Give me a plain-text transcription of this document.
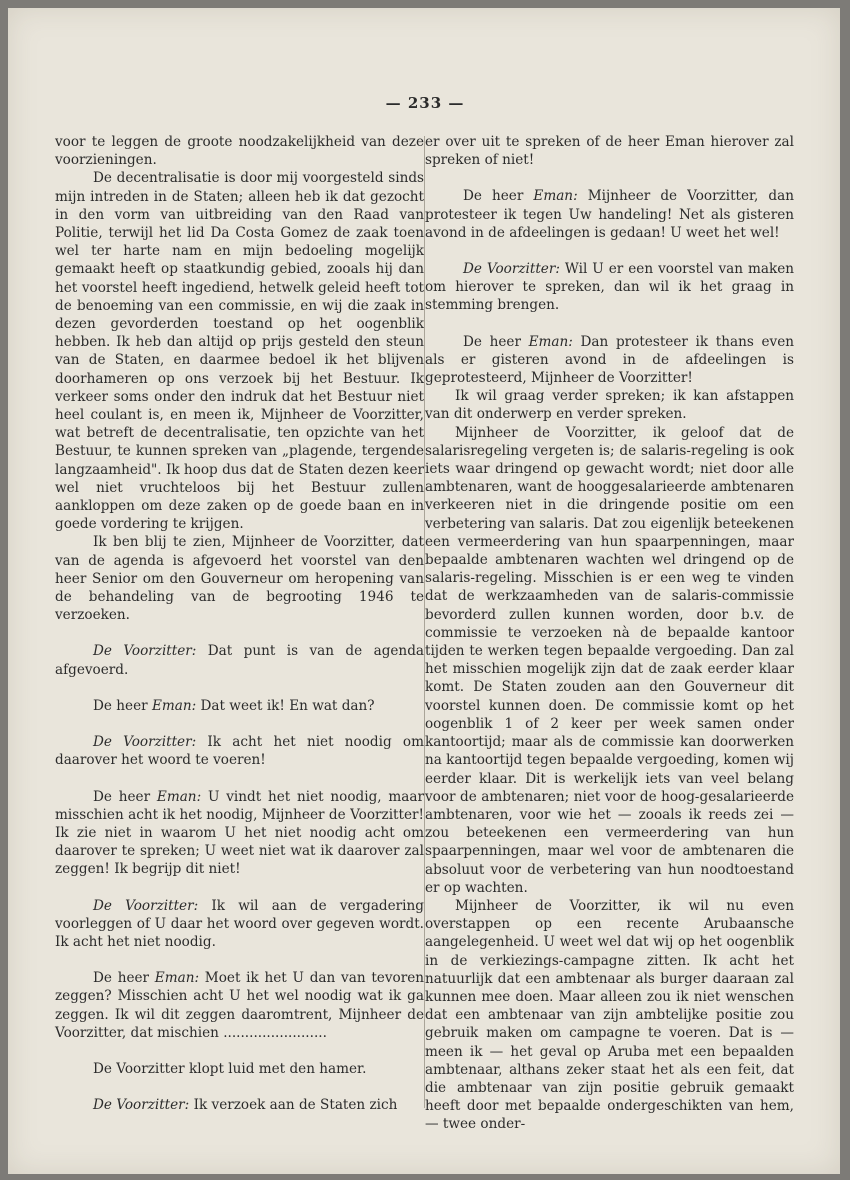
— 233 —

voor te leggen de groote noodzakelijkheid van deze voorzieningen.

De decentralisatie is door mij voorgesteld sinds mijn intreden in de Staten; alleen heb ik dat gezocht in den vorm van uitbreiding van den Raad van Politie, terwijl het lid Da Costa Gomez de zaak toen wel ter harte nam en mijn bedoeling mogelijk gemaakt heeft op staatkundig gebied, zooals hij dan het voorstel heeft ingediend, hetwelk geleid heeft tot de benoeming van een commissie, en wij die zaak in dezen gevorderden toestand op het oogenblik hebben. Ik heb dan altijd op prijs gesteld den steun van de Staten, en daarmee bedoel ik het blijven doorhameren op ons verzoek bij het Bestuur. Ik verkeer soms onder den indruk dat het Bestuur niet heel coulant is, en meen ik, Mijnheer de Voorzitter, wat betreft de decentralisatie, ten opzichte van het Bestuur, te kunnen spreken van „plagende, tergende langzaamheid". Ik hoop dus dat de Staten dezen keer wel niet vruchteloos bij het Bestuur zullen aankloppen om deze zaken op de goede baan en in goede vordering te krijgen.

Ik ben blij te zien, Mijnheer de Voorzitter, dat van de agenda is afgevoerd het voorstel van den heer Senior om den Gouverneur om heropening van de behandeling van de begrooting 1946 te verzoeken.

De Voorzitter: Dat punt is van de agenda afgevoerd.

De heer Eman: Dat weet ik! En wat dan?

De Voorzitter: Ik acht het niet noodig om daarover het woord te voeren!

De heer Eman: U vindt het niet noodig, maar misschien acht ik het noodig, Mijnheer de Voorzitter! Ik zie niet in waarom U het niet noodig acht om daarover te spreken; U weet niet wat ik daarover zal zeggen! Ik begrijp dit niet!

De Voorzitter: Ik wil aan de vergadering voorleggen of U daar het woord over gegeven wordt. Ik acht het niet noodig.

De heer Eman: Moet ik het U dan van tevoren zeggen? Misschien acht U het wel noodig wat ik ga zeggen. Ik wil dit zeggen daaromtrent, Mijnheer de Voorzitter, dat mischien ........................

De Voorzitter klopt luid met den hamer.

De Voorzitter: Ik verzoek aan de Staten zich

er over uit te spreken of de heer Eman hierover zal spreken of niet!

De heer Eman: Mijnheer de Voorzitter, dan protesteer ik tegen Uw handeling! Net als gisteren avond in de afdeelingen is gedaan! U weet het wel!

De Voorzitter: Wil U er een voorstel van maken om hierover te spreken, dan wil ik het graag in stemming brengen.

De heer Eman: Dan protesteer ik thans even als er gisteren avond in de afdeelingen is geprotesteerd, Mijnheer de Voorzitter!

Ik wil graag verder spreken; ik kan afstappen van dit onderwerp en verder spreken.

Mijnheer de Voorzitter, ik geloof dat de salarisregeling vergeten is; de salaris-regeling is ook iets waar dringend op gewacht wordt; niet door alle ambtenaren, want de hooggesalarieerde ambtenaren verkeeren niet in die dringende positie om een verbetering van salaris. Dat zou eigenlijk beteekenen een vermeerdering van hun spaarpenningen, maar bepaalde ambtenaren wachten wel dringend op de salaris-regeling. Misschien is er een weg te vinden dat de werkzaamheden van de salaris-commissie bevorderd zullen kunnen worden, door b.v. de commissie te verzoeken nà de bepaalde kantoor tijden te werken tegen bepaalde vergoeding. Dan zal het misschien mogelijk zijn dat de zaak eerder klaar komt. De Staten zouden aan den Gouverneur dit voorstel kunnen doen. De commissie komt op het oogenblik 1 of 2 keer per week samen onder kantoortijd; maar als de commissie kan doorwerken na kantoortijd tegen bepaalde vergoeding, komen wij eerder klaar. Dit is werkelijk iets van veel belang voor de ambtenaren; niet voor de hoog-gesalarieerde ambtenaren, voor wie het — zooals ik reeds zei — zou beteekenen een vermeerdering van hun spaarpenningen, maar wel voor de ambtenaren die absoluut voor de verbetering van hun noodtoestand er op wachten.

Mijnheer de Voorzitter, ik wil nu even overstappen op een recente Arubaansche aangelegenheid. U weet wel dat wij op het oogenblik in de verkiezings-campagne zitten. Ik acht het natuurlijk dat een ambtenaar als burger daaraan zal kunnen mee doen. Maar alleen zou ik niet wenschen dat een ambtenaar van zijn ambtelijke positie zou gebruik maken om campagne te voeren. Dat is — meen ik — het geval op Aruba met een bepaalden ambtenaar, althans zeker staat het als een feit, dat die ambtenaar van zijn positie gebruik gemaakt heeft door met bepaalde ondergeschikten van hem, — twee onder-
